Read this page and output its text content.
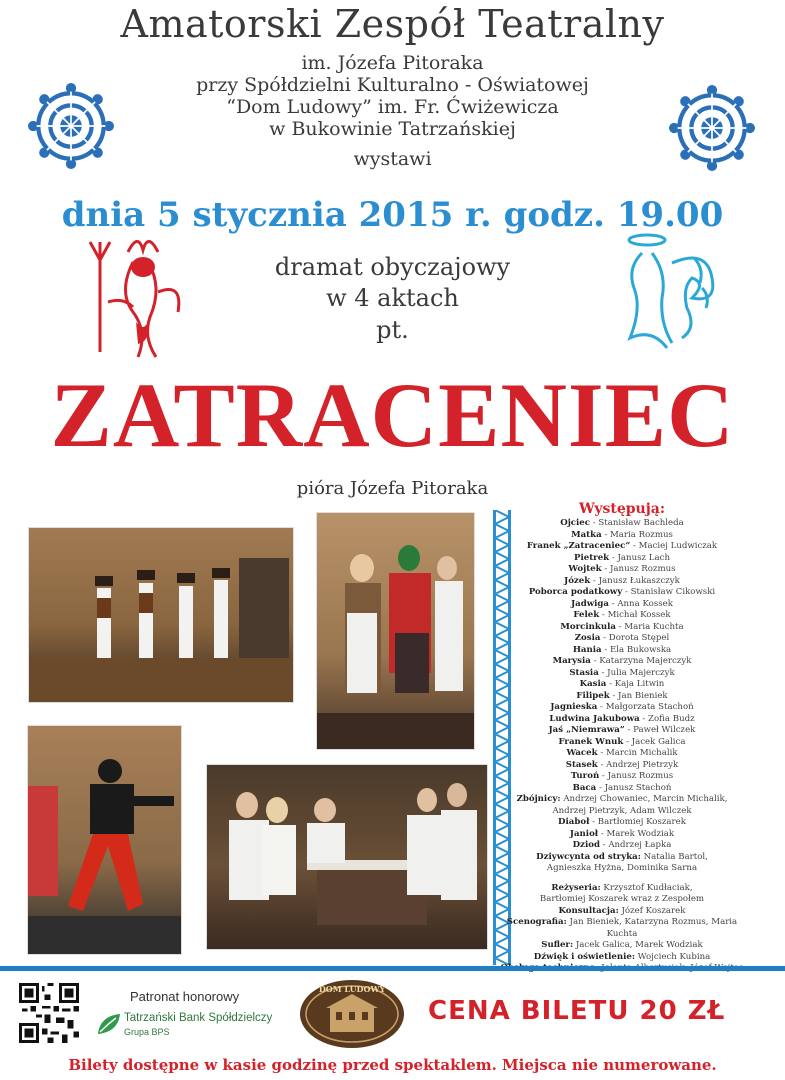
Amatorski Zespół Teatralny
im. Józefa Pitoraka
przy Spółdzielni Kulturalno - Oświatowej
“Dom Ludowy” im. Fr. Ćwiżewicza
w Bukowinie Tatrzańskiej
wystawi
dnia 5 stycznia 2015 r. godz. 19.00
dramat obyczajowy
w 4 aktach
pt.
ZATRACENIEC
pióra Józefa Pitoraka
Występują:
Ojciec - Stanisław Bachleda
Matka - Maria Rozmus
Franek „Zatraceniec” - Maciej Ludwiczak
Pietrek - Janusz Lach
Wojtek - Janusz Rozmus
Józek - Janusz Łukaszczyk
Poborca podatkowy - Stanisław Cikowski
Jadwiga - Anna Kossek
Felek - Michał Kossek
Morcinkula - Maria Kuchta
Zosia - Dorota Stępel
Hania - Ela Bukowska
Marysia - Katarzyna Majerczyk
Stasia - Julia Majerczyk
Kasia - Kaja Litwin
Filipek - Jan Bieniek
Jagnieska - Małgorzata Stachoń
Ludwina Jakubowa - Zofia Budz
Jaś „Niemrawa” - Paweł Wilczek
Franek Wnuk - Jacek Galica
Wacek - Marcin Michalik
Stasek - Andrzej Pietrzyk
Turoń - Janusz Rozmus
Baca - Janusz Stachoń
Zbójnicy: Andrzej Chowaniec, Marcin Michalik,
Andrzej Pietrzyk, Adam Wilczek
Diaboł - Bartłomiej Koszarek
Janioł - Marek Wodziak
Dziod - Andrzej Łapka
Dziywcynta od stryka: Natalia Bartol,
Agnieszka Hyżna, Dominika Sarna
Reżyseria: Krzysztof Kudłaciak,
Bartłomiej Koszarek wraz z Zespołem
Konsultacja: Józef Koszarek
Scenografia: Jan Bieniek, Katarzyna Rozmus, Maria Kuchta
Sufler: Jacek Galica, Marek Wodziak
Dźwięk i oświetlenie: Wojciech Kubina
Patronat honorowy
Tatrzański Bank Spółdzielczy
Grupa BPS
DOM LUDOWY
CENA BILETU 20 ZŁ
Bilety dostępne w kasie godzinę przed spektaklem. Miejsca nie numerowane.
